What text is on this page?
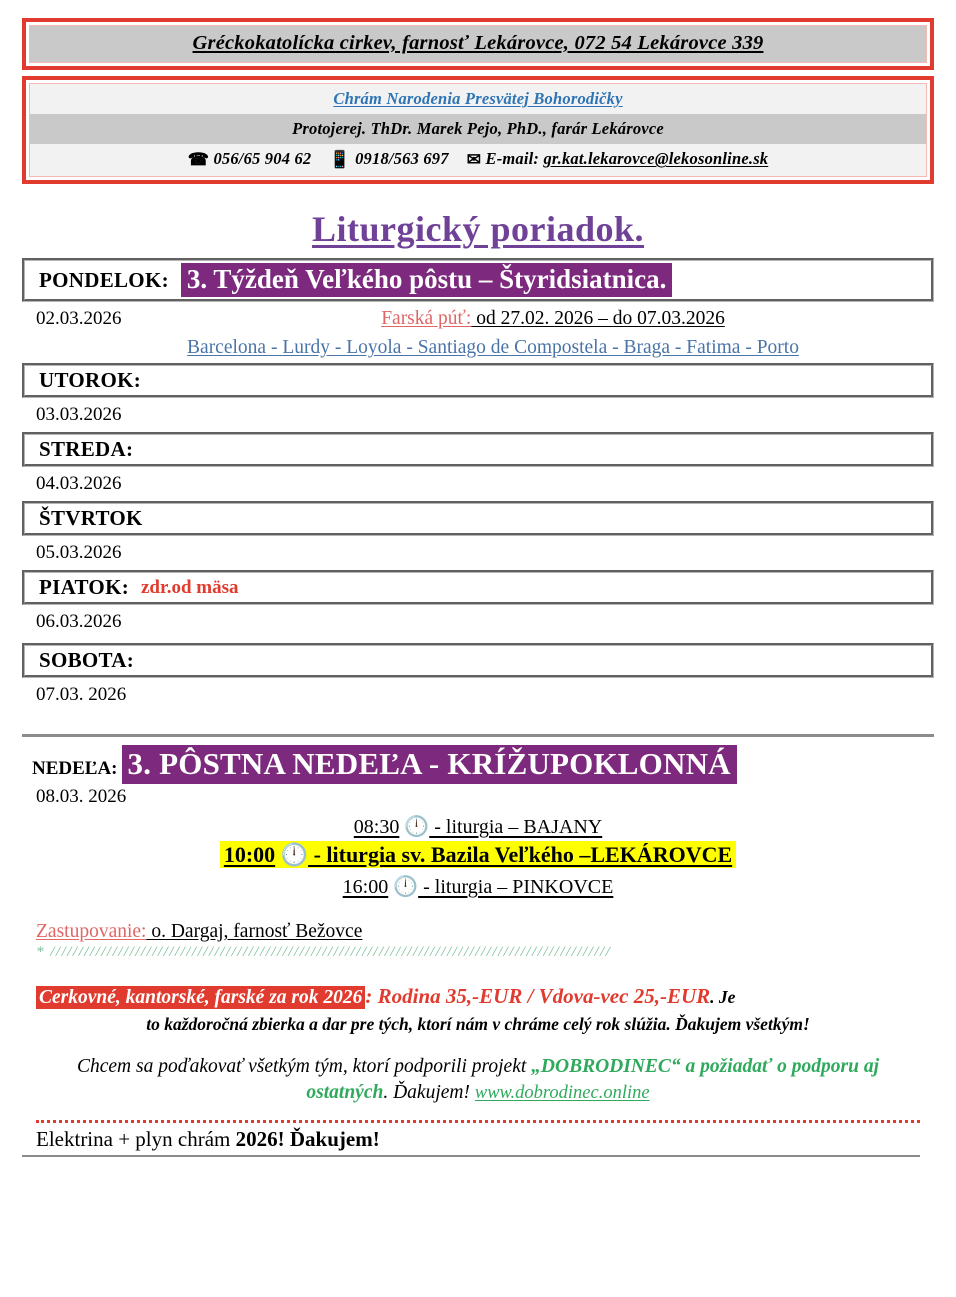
Gréckokatolícka cirkev, farnosť Lekárovce, 072 54 Lekárovce 339
Chrám Narodenia Presvätej Bohorodičky
Protojerej. ThDr. Marek Pejo, PhD., farár Lekárovce
☎ 056/65 904 62 📱 0918/563 697 ✉ E-mail: gr.kat.lekarovce@lekosonline.sk
Liturgický poriadok.
PONDELOK: 3. Týždeň Veľkého pôstu – Štyridsiatnica.
02.03.2026	Farská púť: od 27.02. 2026 – do 07.03.2026
Barcelona - Lurdy - Loyola - Santiago de Compostela - Braga - Fatima - Porto
UTOROK:
03.03.2026
STREDA:
04.03.2026
ŠTVRTOK
05.03.2026
PIATOK: zdr.od mäsa
06.03.2026
SOBOTA:
07.03. 2026
NEDEĽA: 3. PÔSTNA NEDEĽA - KRÍŽUPOKLONNÁ
08.03. 2026
08:30 🕛 - liturgia – BAJANY
10:00 🕛 - liturgia sv. Bazila Veľkého –LEKÁROVCE
16:00 🕛 - liturgia – PINKOVCE
Zastupovanie: o. Dargaj, farnosť Bežovce
* ///////////////////////////////////////////////////////////////////////////////////////////////////
Cerkovné, kantorské, farské za rok 2026 : Rodina 35,-EUR / Vdova-vec 25,-EUR. Je
to každoročná zbierka a dar pre tých, ktorí nám v chráme celý rok slúžia. Ďakujem všetkým!
Chcem sa poďakovať všetkým tým, ktorí podporili projekt „DOBRODINEC“ a požiadať o podporu aj ostatných. Ďakujem! www.dobrodinec.online
Elektrina + plyn chrám 2026! Ďakujem!
